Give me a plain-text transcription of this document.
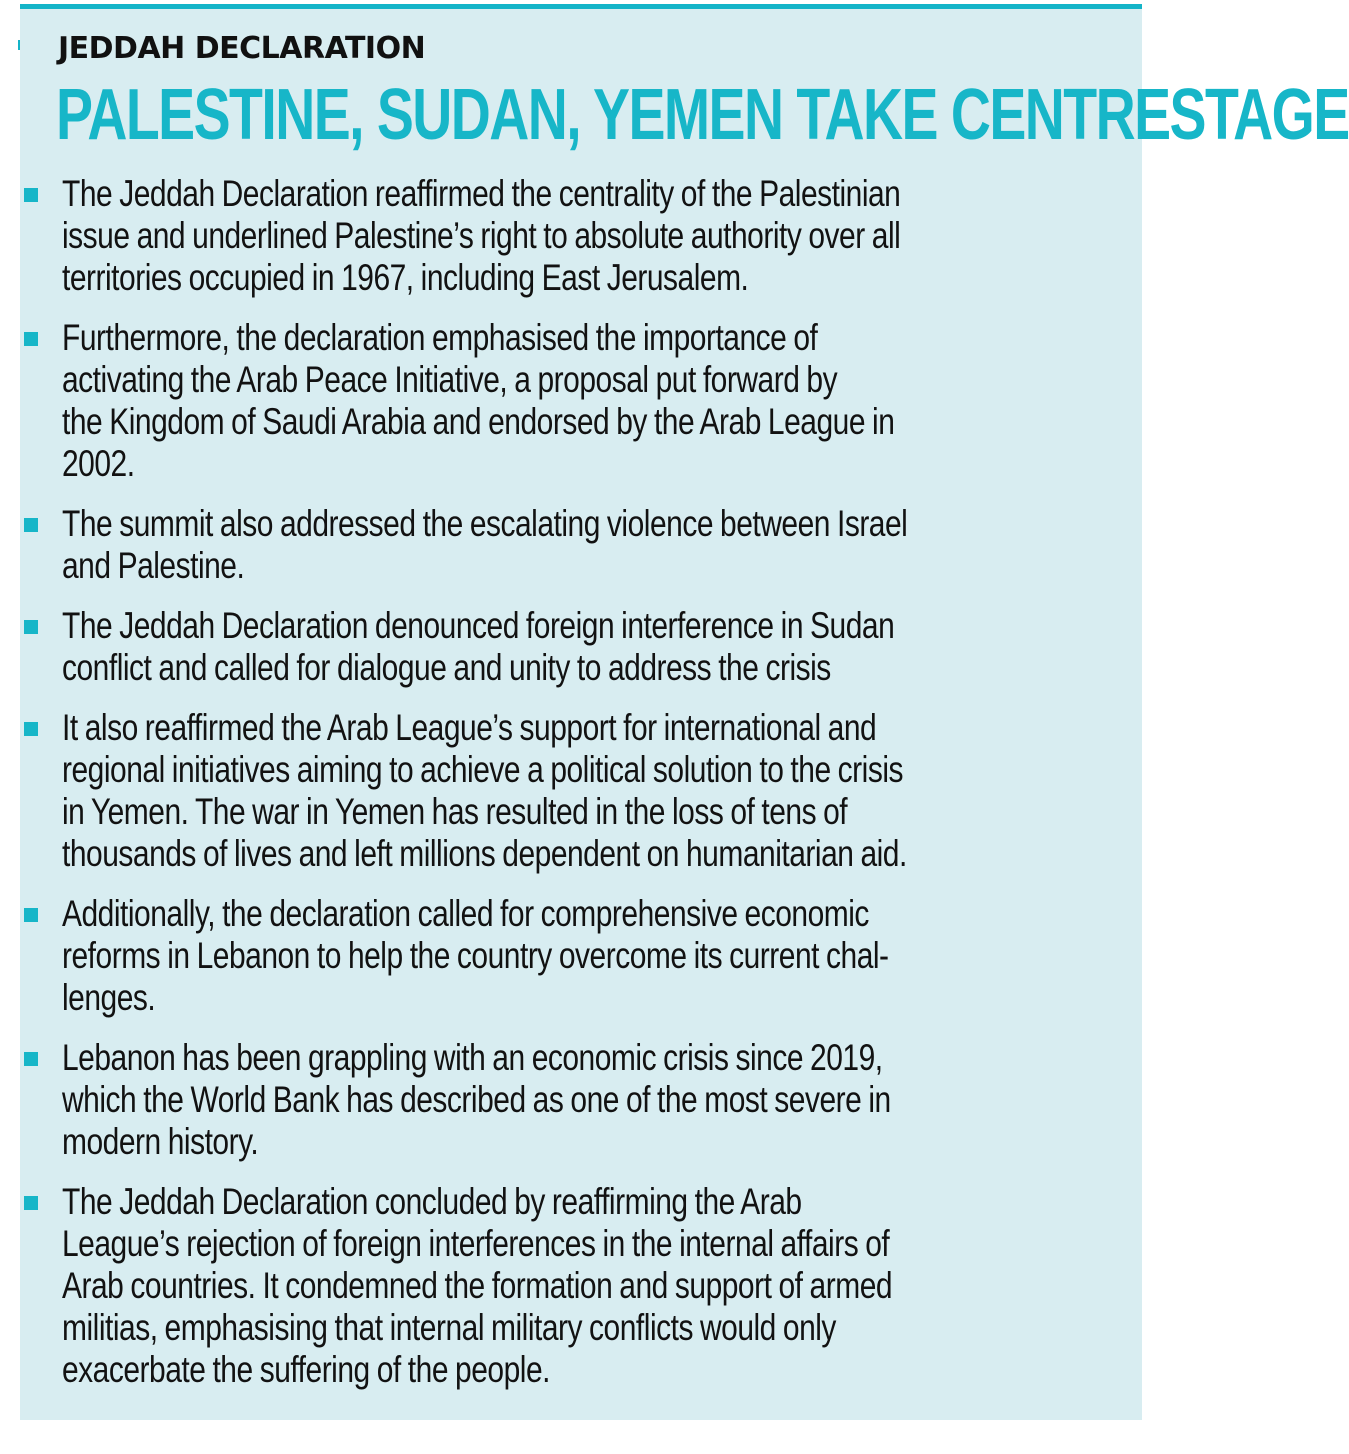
JEDDAH DECLARATION
PALESTINE, SUDAN, YEMEN TAKE CENTRESTAGE
The Jeddah Declaration reaffirmed the centrality of the Palestinian
issue and underlined Palestine’s right to absolute authority over all
territories occupied in 1967, including East Jerusalem.
Furthermore, the declaration emphasised the importance of
activating the Arab Peace Initiative, a proposal put forward by
the Kingdom of Saudi Arabia and endorsed by the Arab League in
2002.
The summit also addressed the escalating violence between Israel
and Palestine.
The Jeddah Declaration denounced foreign interference in Sudan
conflict and called for dialogue and unity to address the crisis
It also reaffirmed the Arab League’s support for international and
regional initiatives aiming to achieve a political solution to the crisis
in Yemen. The war in Yemen has resulted in the loss of tens of
thousands of lives and left millions dependent on humanitarian aid.
Additionally, the declaration called for comprehensive economic
reforms in Lebanon to help the country overcome its current chal-
lenges.
Lebanon has been grappling with an economic crisis since 2019,
which the World Bank has described as one of the most severe in
modern history.
The Jeddah Declaration concluded by reaffirming the Arab
League’s rejection of foreign interferences in the internal affairs of
Arab countries. It condemned the formation and support of armed
militias, emphasising that internal military conflicts would only
exacerbate the suffering of the people.
